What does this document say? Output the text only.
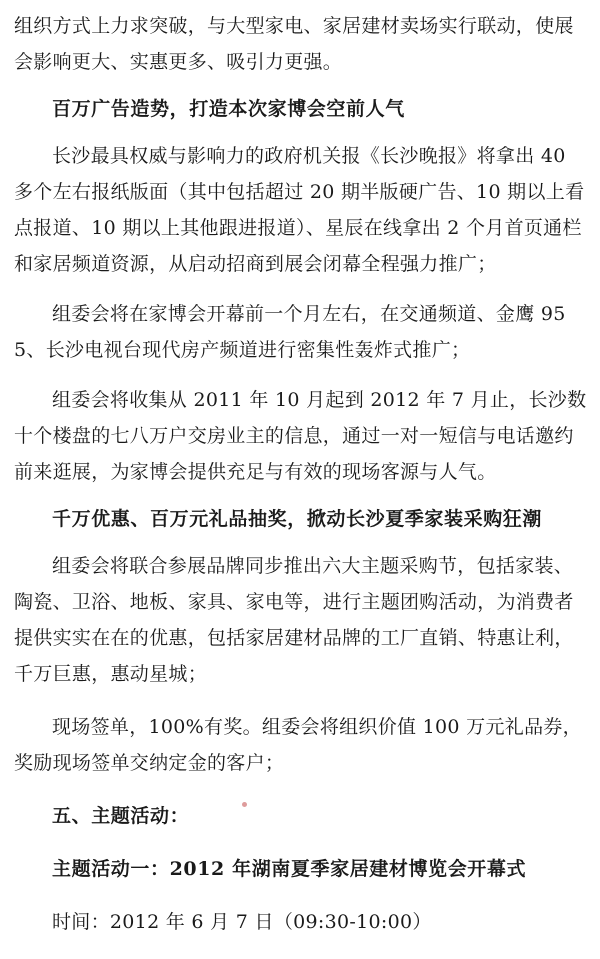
组织方式上力求突破，与大型家电、家居建材卖场实行联动，使展会影响更大、实惠更多、吸引力更强。

百万广告造势，打造本次家博会空前人气

长沙最具权威与影响力的政府机关报《长沙晚报》将拿出 40 多个左右报纸版面（其中包括超过 20 期半版硬广告、10 期以上看点报道、10 期以上其他跟进报道）、星辰在线拿出 2 个月首页通栏和家居频道资源，从启动招商到展会闭幕全程强力推广；

组委会将在家博会开幕前一个月左右，在交通频道、金鹰 955、长沙电视台现代房产频道进行密集性轰炸式推广；

组委会将收集从 2011 年 10 月起到 2012 年 7 月止，长沙数十个楼盘的七八万户交房业主的信息，通过一对一短信与电话邀约前来逛展，为家博会提供充足与有效的现场客源与人气。

千万优惠、百万元礼品抽奖，掀动长沙夏季家装采购狂潮

组委会将联合参展品牌同步推出六大主题采购节，包括家装、陶瓷、卫浴、地板、家具、家电等，进行主题团购活动，为消费者提供实实在在的优惠，包括家居建材品牌的工厂直销、特惠让利，千万巨惠，惠动星城；

现场签单，100%有奖。组委会将组织价值 100 万元礼品券，奖励现场签单交纳定金的客户；

五、主题活动：

主题活动一：2012 年湖南夏季家居建材博览会开幕式

时间：2012 年 6 月 7 日（09:30-10:00）
